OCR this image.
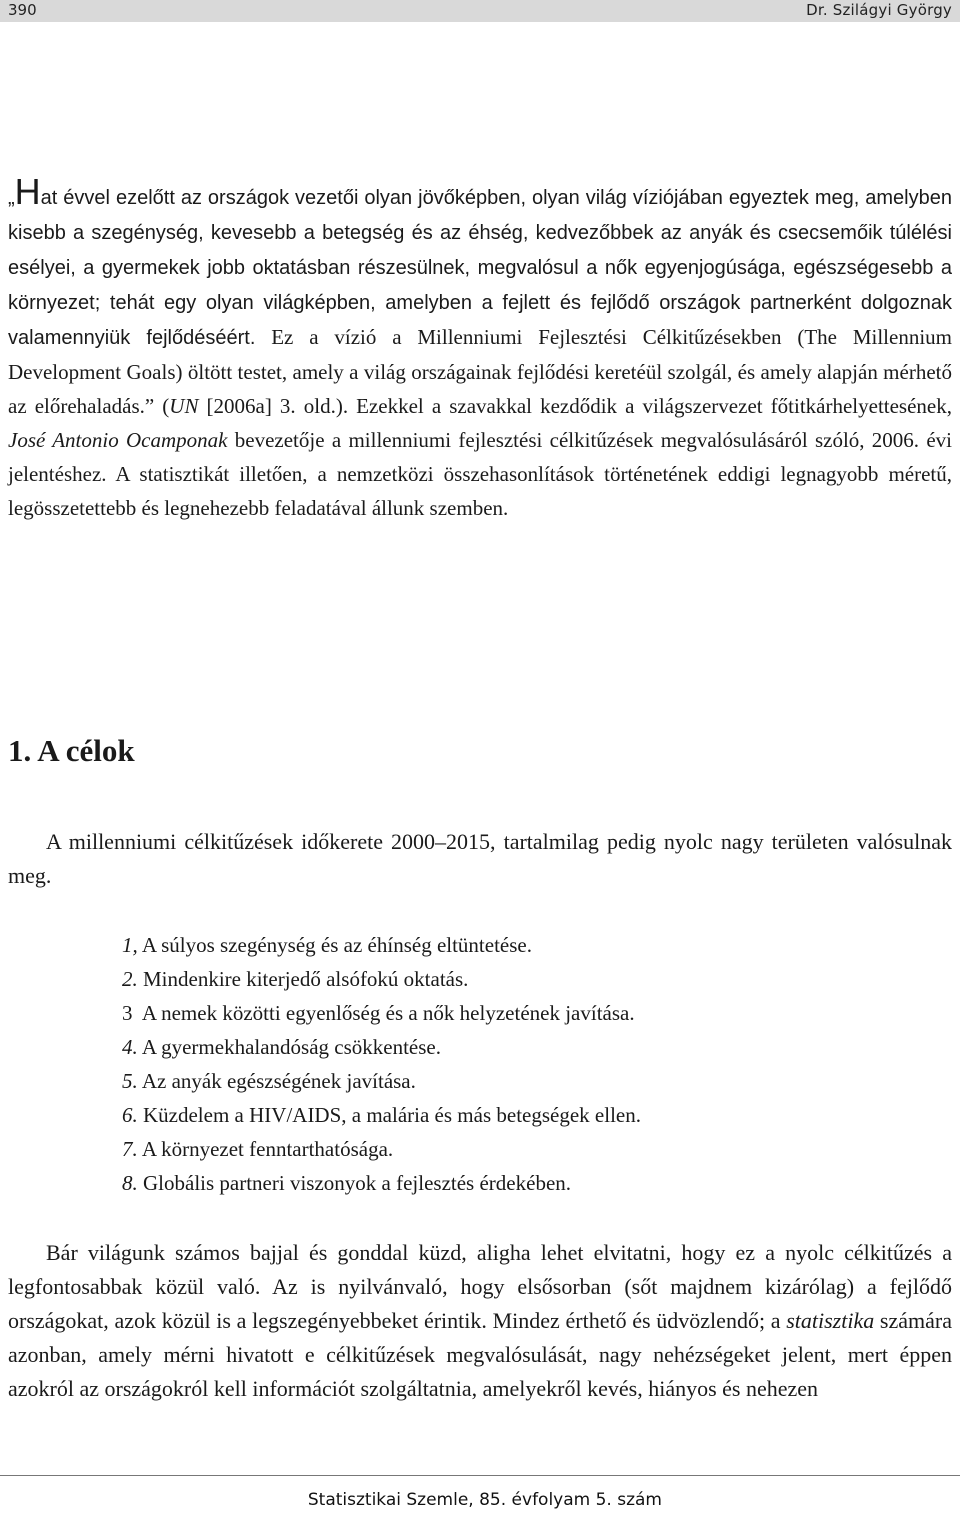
390	Dr. Szilágyi György
„Hat évvel ezelőtt az országok vezetői olyan jövőképben, olyan világ víziójában egyeztek meg, amelyben kisebb a szegénység, kevesebb a betegség és az éhség, kedvezőbbek az anyák és csecsemőik túlélési esélyei, a gyermekek jobb oktatásban részesülnek, megvalósul a nők egyenjogúsága, egészségesebb a környezet; tehát egy olyan világképben, amelyben a fejlett és fejlődő országok partnerként dolgoznak valamennyiük fejlődéséért. Ez a vízió a Millenniumi Fejlesztési Célkitűzésekben (The Millennium Development Goals) öltött testet, amely a világ országainak fejlődési keretéül szolgál, és amely alapján mérhető az előrehaladás.” (UN [2006a] 3. old.). Ezekkel a szavakkal kezdődik a világszervezet főtitkárhelyettesének, José Antonio Ocamponak bevezetője a millenniumi fejlesztési célkitűzések megvalósulásáról szóló, 2006. évi jelentéshez. A statisztikát illetően, a nemzetközi összehasonlítások történetének eddigi legnagyobb méretű, legösszetettebb és legnehezebb feladatával állunk szemben.
1. A célok
A millenniumi célkitűzések időkerete 2000–2015, tartalmilag pedig nyolc nagy területen valósulnak meg.
1, A súlyos szegénység és az éhínség eltüntetése.
2. Mindenkire kiterjedő alsófokú oktatás.
3  A nemek közötti egyenlőség és a nők helyzetének javítása.
4. A gyermekhalandóság csökkentése.
5. Az anyák egészségének javítása.
6. Küzdelem a HIV/AIDS, a malária és más betegségek ellen.
7. A környezet fenntarthatósága.
8. Globális partneri viszonyok a fejlesztés érdekében.
Bár világunk számos bajjal és gonddal küzd, aligha lehet elvitatni, hogy ez a nyolc célkitűzés a legfontosabbak közül való. Az is nyilvánvaló, hogy elsősorban (sőt majdnem kizárólag) a fejlődő országokat, azok közül is a legszegényebbeket érintik. Mindez érthető és üdvözlendő; a statisztika számára azonban, amely mérni hivatott e célkitűzések megvalósulását, nagy nehézségeket jelent, mert éppen azokról az országokról kell információt szolgáltatnia, amelyekről kevés, hiányos és nehezen
Statisztikai Szemle, 85. évfolyam 5. szám
